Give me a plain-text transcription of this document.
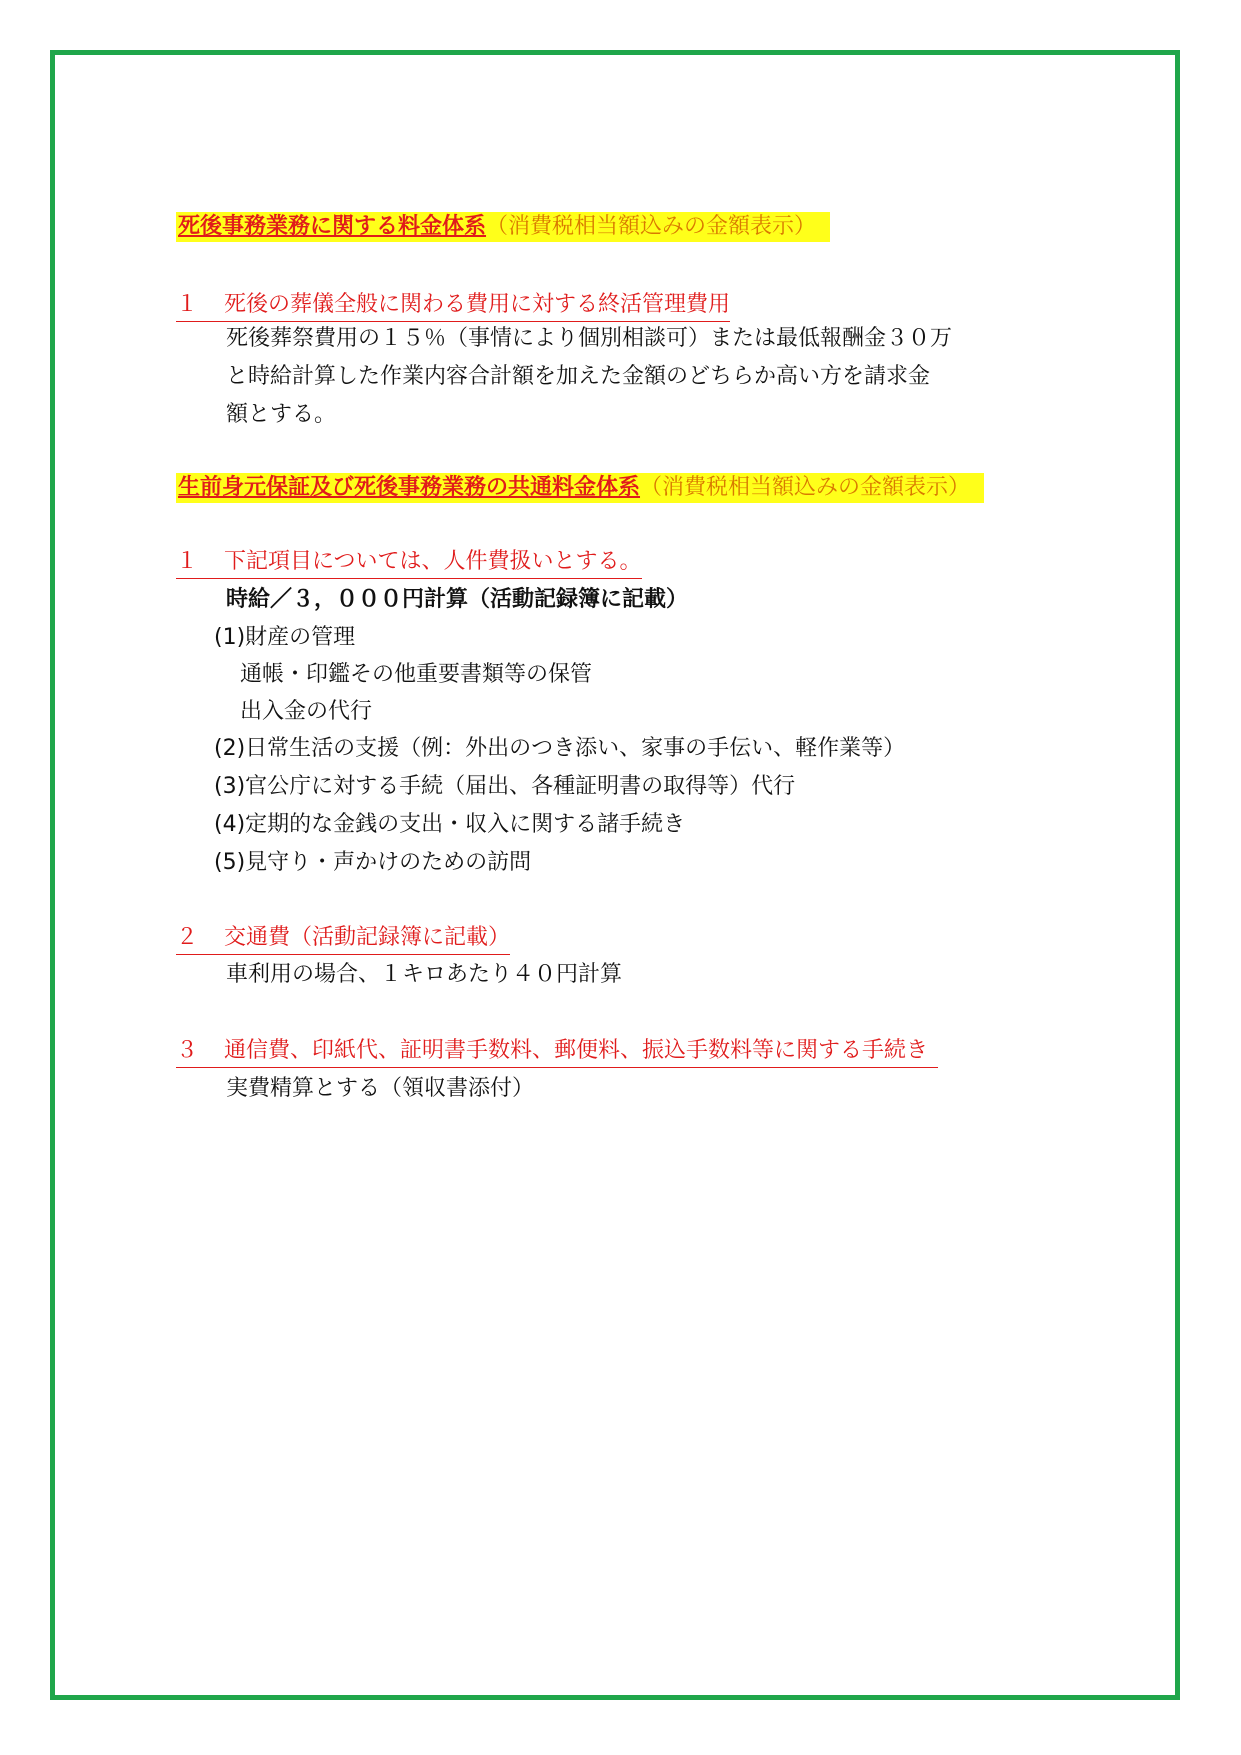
死後事務業務に関する料金体系（消費税相当額込みの金額表示）
１ 死後の葬儀全般に関わる費用に対する終活管理費用
死後葬祭費用の１５％（事情により個別相談可）または最低報酬金３０万
と時給計算した作業内容合計額を加えた金額のどちらか高い方を請求金
額とする。
生前身元保証及び死後事務業務の共通料金体系（消費税相当額込みの金額表示）
１ 下記項目については、人件費扱いとする。
時給／３，０００円計算（活動記録簿に記載）
(1)財産の管理
通帳・印鑑その他重要書類等の保管
出入金の代行
(2)日常生活の支援（例：外出のつき添い、家事の手伝い、軽作業等）
(3)官公庁に対する手続（届出、各種証明書の取得等）代行
(4)定期的な金銭の支出・収入に関する諸手続き
(5)見守り・声かけのための訪問
２ 交通費（活動記録簿に記載）
車利用の場合、１キロあたり４０円計算
３ 通信費、印紙代、証明書手数料、郵便料、振込手数料等に関する手続き
実費精算とする（領収書添付）
